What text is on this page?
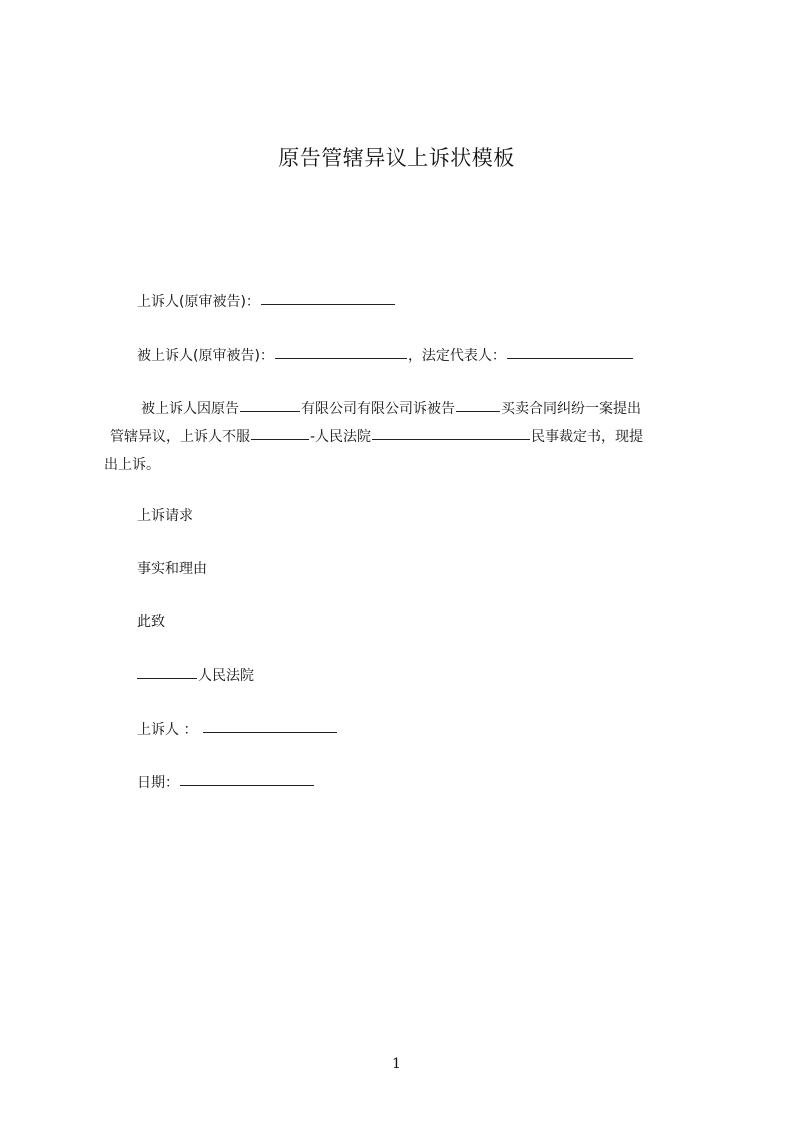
原告管辖异议上诉状模板
上诉人(原审被告)：
被上诉人(原审被告)：	，法定代表人：
被上诉人因原告	有限公司有限公司诉被告	买卖合同纠纷一案提出
管辖异议，上诉人不服	-人民法院	民事裁定书，现提
出上诉。
上诉请求
事实和理由
此致
人民法院
上诉人 ：
日期：
1
